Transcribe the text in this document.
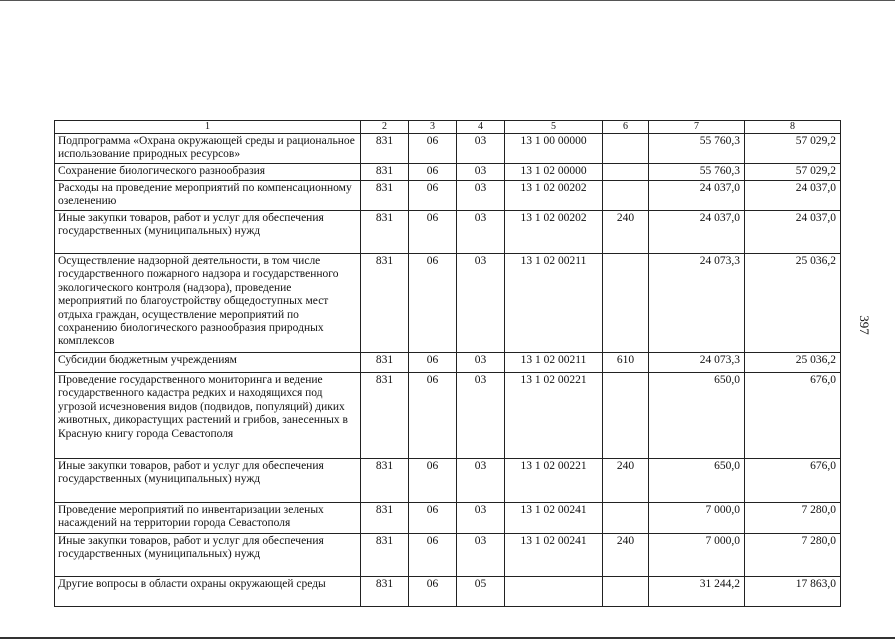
397
1	2	3	4	5	6	7	8
Подпрограмма «Охрана окружающей среды и рациональное использование природных ресурсов»	831	06	03	13 1 00 00000		55 760,3	57 029,2
Сохранение биологического разнообразия	831	06	03	13 1 02 00000		55 760,3	57 029,2
Расходы на проведение мероприятий по компенсационному озеленению	831	06	03	13 1 02 00202		24 037,0	24 037,0
Иные закупки товаров, работ и услуг для обеспечения государственных (муниципальных) нужд	831	06	03	13 1 02 00202	240	24 037,0	24 037,0
Осуществление надзорной деятельности, в том числе государственного пожарного надзора и государственного экологического контроля (надзора), проведение мероприятий по благоустройству общедоступных мест отдыха граждан, осуществление мероприятий по сохранению биологического разнообразия природных комплексов	831	06	03	13 1 02 00211		24 073,3	25 036,2
Субсидии бюджетным учреждениям	831	06	03	13 1 02 00211	610	24 073,3	25 036,2
Проведение государственного мониторинга и ведение государственного кадастра редких и находящихся под угрозой исчезновения видов (подвидов, популяций) диких животных, дикорастущих растений и грибов, занесенных в Красную книгу города Севастополя	831	06	03	13 1 02 00221		650,0	676,0
Иные закупки товаров, работ и услуг для обеспечения государственных (муниципальных) нужд	831	06	03	13 1 02 00221	240	650,0	676,0
Проведение мероприятий по инвентаризации зеленых насаждений на территории города Севастополя	831	06	03	13 1 02 00241		7 000,0	7 280,0
Иные закупки товаров, работ и услуг для обеспечения государственных (муниципальных) нужд	831	06	03	13 1 02 00241	240	7 000,0	7 280,0
Другие вопросы в области охраны окружающей среды	831	06	05			31 244,2	17 863,0
